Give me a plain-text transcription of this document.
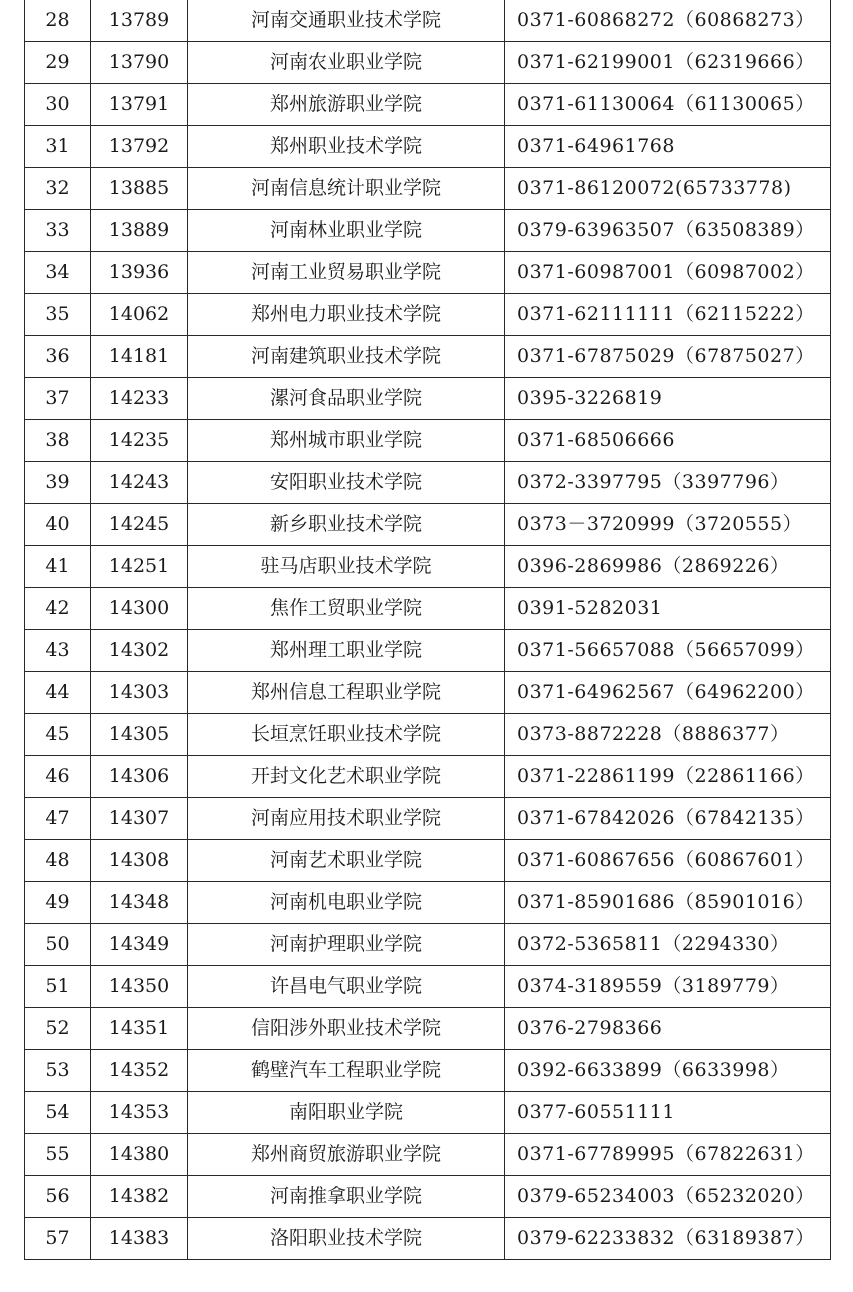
28	13789	河南交通职业技术学院	0371-60868272（60868273）
29	13790	河南农业职业学院	0371-62199001（62319666）
30	13791	郑州旅游职业学院	0371-61130064（61130065）
31	13792	郑州职业技术学院	0371-64961768
32	13885	河南信息统计职业学院	0371-86120072(65733778)
33	13889	河南林业职业学院	0379-63963507（63508389）
34	13936	河南工业贸易职业学院	0371-60987001（60987002）
35	14062	郑州电力职业技术学院	0371-62111111（62115222）
36	14181	河南建筑职业技术学院	0371-67875029（67875027）
37	14233	漯河食品职业学院	0395-3226819
38	14235	郑州城市职业学院	0371-68506666
39	14243	安阳职业技术学院	0372-3397795（3397796）
40	14245	新乡职业技术学院	0373－3720999（3720555）
41	14251	驻马店职业技术学院	0396-2869986（2869226）
42	14300	焦作工贸职业学院	0391-5282031
43	14302	郑州理工职业学院	0371-56657088（56657099）
44	14303	郑州信息工程职业学院	0371-64962567（64962200）
45	14305	长垣烹饪职业技术学院	0373-8872228（8886377）
46	14306	开封文化艺术职业学院	0371-22861199（22861166）
47	14307	河南应用技术职业学院	0371-67842026（67842135）
48	14308	河南艺术职业学院	0371-60867656（60867601）
49	14348	河南机电职业学院	0371-85901686（85901016）
50	14349	河南护理职业学院	0372-5365811（2294330）
51	14350	许昌电气职业学院	0374-3189559（3189779）
52	14351	信阳涉外职业技术学院	0376-2798366
53	14352	鹤壁汽车工程职业学院	0392-6633899（6633998）
54	14353	南阳职业学院	0377-60551111
55	14380	郑州商贸旅游职业学院	0371-67789995（67822631）
56	14382	河南推拿职业学院	0379-65234003（65232020）
57	14383	洛阳职业技术学院	0379-62233832（63189387）
